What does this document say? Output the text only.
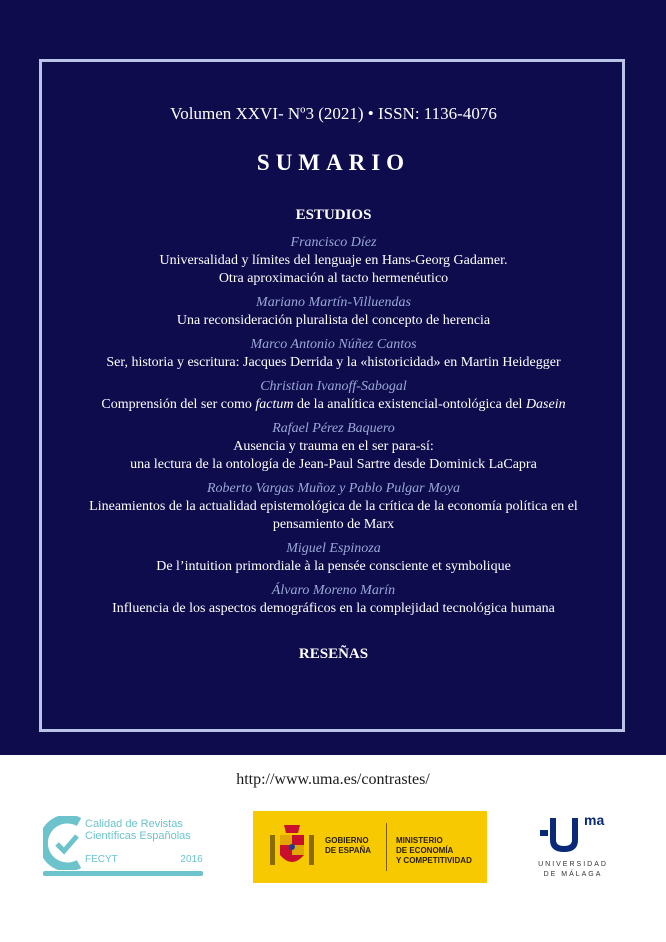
Volumen XXVI- Nº3 (2021) • ISSN: 1136-4076
SUMARIO
ESTUDIOS
Francisco Díez
Universalidad y límites del lenguaje en Hans-Georg Gadamer.
Otra aproximación al tacto hermenéutico
Mariano Martín-Villuendas
Una reconsideración pluralista del concepto de herencia
Marco Antonio Núñez Cantos
Ser, historia y escritura: Jacques Derrida y la «historicidad» en Martin Heidegger
Christian Ivanoff-Sabogal
Comprensión del ser como factum de la analítica existencial-ontológica del Dasein
Rafael Pérez Baquero
Ausencia y trauma en el ser para-sí:
una lectura de la ontología de Jean-Paul Sartre desde Dominick LaCapra
Roberto Vargas Muñoz y Pablo Pulgar Moya
Lineamientos de la actualidad epistemológica de la crítica de la economía política en el
pensamiento de Marx
Miguel Espinoza
De l’intuition primordiale à la pensée consciente et symbolique
Álvaro Moreno Marín
Influencia de los aspectos demográficos en la complejidad tecnológica humana
RESEÑAS
http://www.uma.es/contrastes/
Calidad de Revistas
Científicas Españolas
FECYT	2016
GOBIERNO
DE ESPAÑA
MINISTERIO
DE ECONOMÍA
Y COMPETITIVIDAD
ma
UNIVERSIDAD
DE MÁLAGA
